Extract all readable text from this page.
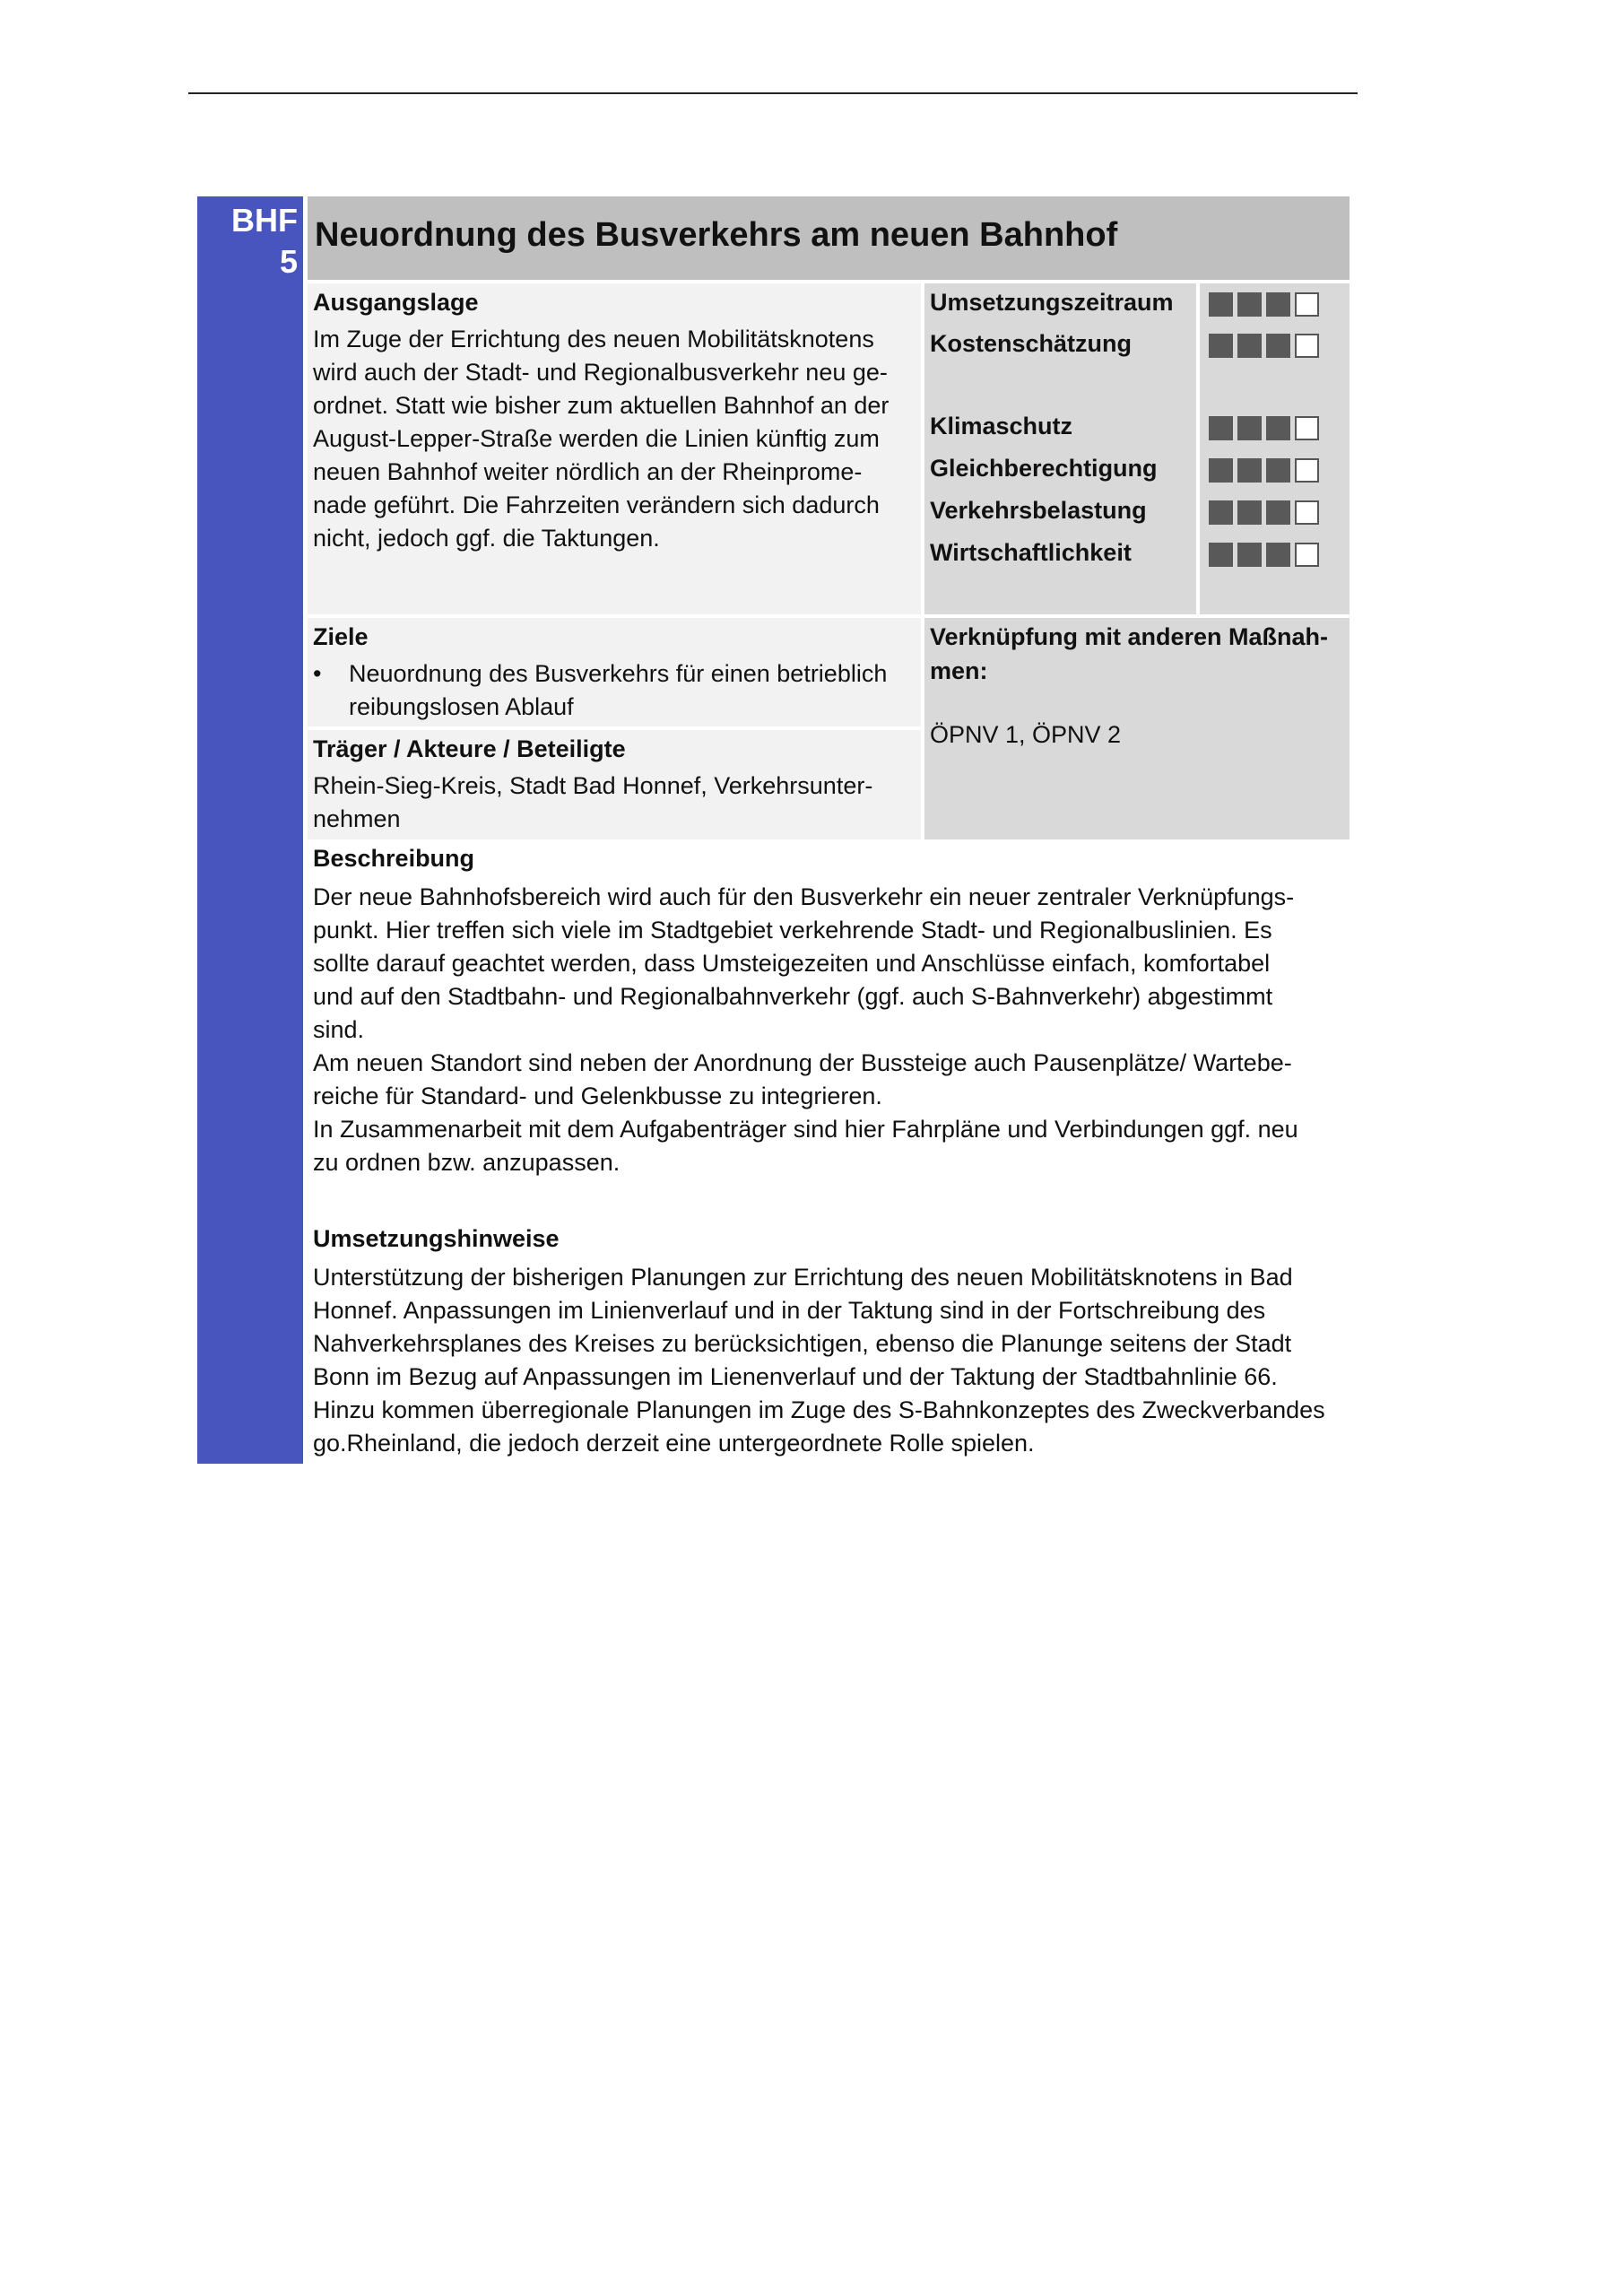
BHF
5
Neuordnung des Busverkehrs am neuen Bahnhof
Ausgangslage
Im Zuge der Errichtung des neuen Mobilitätsknotens
wird auch der Stadt- und Regionalbusverkehr neu ge-
ordnet. Statt wie bisher zum aktuellen Bahnhof an der
August-Lepper-Straße werden die Linien künftig zum
neuen Bahnhof weiter nördlich an der Rheinprome-
nade geführt. Die Fahrzeiten verändern sich dadurch
nicht, jedoch ggf. die Taktungen.
Umsetzungszeitraum
Kostenschätzung
Klimaschutz
Gleichberechtigung
Verkehrsbelastung
Wirtschaftlichkeit
Ziele
• Neuordnung des Busverkehrs für einen betrieblich
reibungslosen Ablauf
Verknüpfung mit anderen Maßnah-
men:
ÖPNV 1, ÖPNV 2
Träger / Akteure / Beteiligte
Rhein-Sieg-Kreis, Stadt Bad Honnef, Verkehrsunter-
nehmen
Beschreibung
Der neue Bahnhofsbereich wird auch für den Busverkehr ein neuer zentraler Verknüpfungs-
punkt. Hier treffen sich viele im Stadtgebiet verkehrende Stadt- und Regionalbuslinien. Es
sollte darauf geachtet werden, dass Umsteigezeiten und Anschlüsse einfach, komfortabel
und auf den Stadtbahn- und Regionalbahnverkehr (ggf. auch S-Bahnverkehr) abgestimmt
sind.
Am neuen Standort sind neben der Anordnung der Bussteige auch Pausenplätze/ Wartebe-
reiche für Standard- und Gelenkbusse zu integrieren.
In Zusammenarbeit mit dem Aufgabenträger sind hier Fahrpläne und Verbindungen ggf. neu
zu ordnen bzw. anzupassen.
Umsetzungshinweise
Unterstützung der bisherigen Planungen zur Errichtung des neuen Mobilitätsknotens in Bad
Honnef. Anpassungen im Linienverlauf und in der Taktung sind in der Fortschreibung des
Nahverkehrsplanes des Kreises zu berücksichtigen, ebenso die Planunge seitens der Stadt
Bonn im Bezug auf Anpassungen im Lienenverlauf und der Taktung der Stadtbahnlinie 66.
Hinzu kommen überregionale Planungen im Zuge des S-Bahnkonzeptes des Zweckverbandes
go.Rheinland, die jedoch derzeit eine untergeordnete Rolle spielen.
